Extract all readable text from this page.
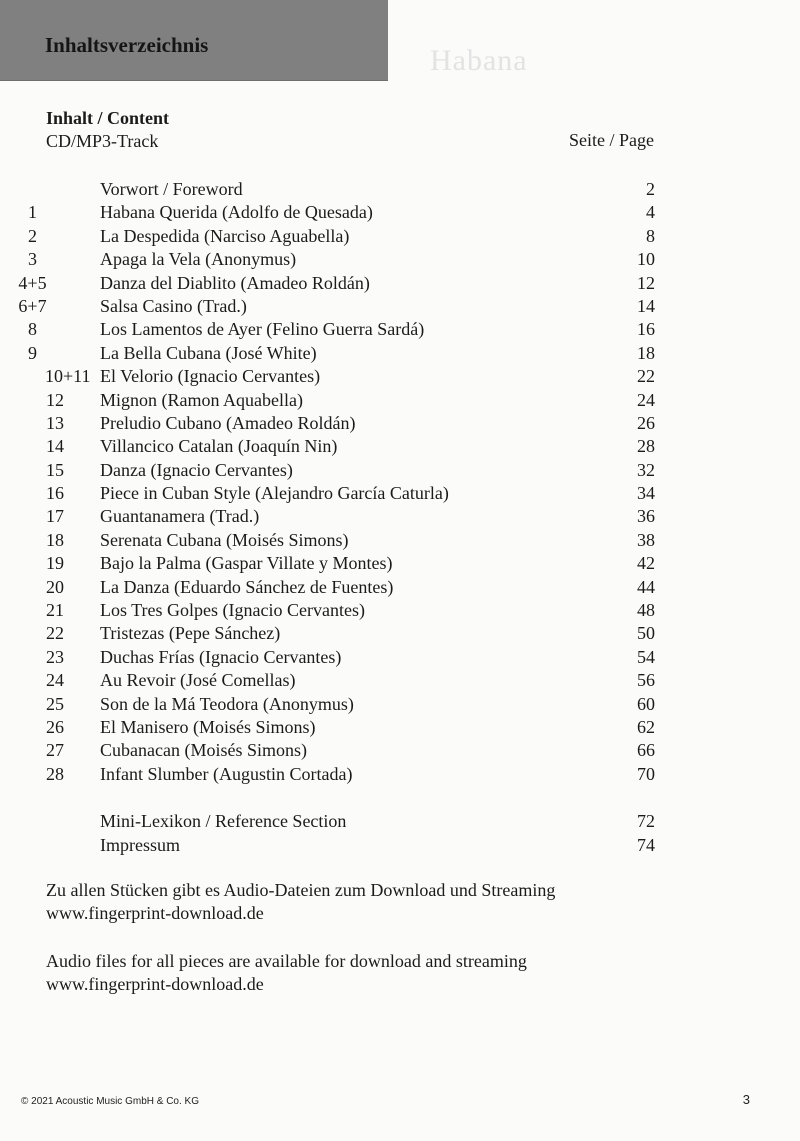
Inhaltsverzeichnis	Habana
Inhalt / Content
CD/MP3-Track	Seite / Page
Vorwort / Foreword	2
1	Habana Querida (Adolfo de Quesada)	4
2	La Despedida (Narciso Aguabella)	8
3	Apaga la Vela (Anonymus)	10
4+5	Danza del Diablito (Amadeo Roldán)	12
6+7	Salsa Casino (Trad.)	14
8	Los Lamentos de Ayer (Felino Guerra Sardá)	16
9	La Bella Cubana (José White)	18
10+11 El Velorio (Ignacio Cervantes)	22
12 Mignon (Ramon Aquabella)	24
13 Preludio Cubano (Amadeo Roldán)	26
14 Villancico Catalan (Joaquín Nin)	28
15 Danza (Ignacio Cervantes)	32
16 Piece in Cuban Style (Alejandro García Caturla)	34
17 Guantanamera (Trad.)	36
18 Serenata Cubana (Moisés Simons)	38
19 Bajo la Palma (Gaspar Villate y Montes)	42
20 La Danza (Eduardo Sánchez de Fuentes)	44
21 Los Tres Golpes (Ignacio Cervantes)	48
22 Tristezas (Pepe Sánchez)	50
23 Duchas Frías (Ignacio Cervantes)	54
24 Au Revoir (José Comellas)	56
25 Son de la Má Teodora (Anonymus)	60
26 El Manisero (Moisés Simons)	62
27 Cubanacan (Moisés Simons)	66
28 Infant Slumber (Augustin Cortada)	70
Mini-Lexikon / Reference Section	72
Impressum	74
Zu allen Stücken gibt es Audio-Dateien zum Download und Streaming
www.fingerprint-download.de
Audio files for all pieces are available for download and streaming
www.fingerprint-download.de
© 2021 Acoustic Music GmbH & Co. KG	3
